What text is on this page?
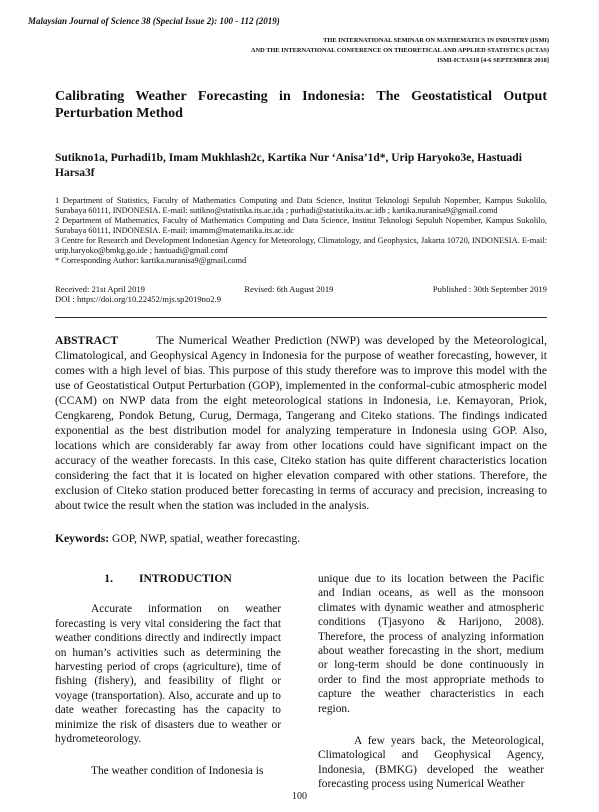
Malaysian Journal of Science 38 (Special Issue 2): 100 - 112 (2019)
THE INTERNATIONAL SEMINAR ON MATHEMATICS IN INDUSTRY (ISMI)
AND THE INTERNATIONAL CONFERENCE ON THEORETICAL AND APPLIED STATISTICS (ICTAS)
ISMI-ICTAS18 [4-6 SEPTEMBER 2018]
Calibrating Weather Forecasting in Indonesia: The Geostatistical Output Perturbation Method
Sutikno1a, Purhadi1b, Imam Mukhlash2c, Kartika Nur ‘Anisa’1d*, Urip Haryoko3e, Hastuadi Harsa3f

1 Department of Statistics, Faculty of Mathematics Computing and Data Science, Institut Teknologi Sepuluh Nopember, Kampus Sukolilo, Surabaya 60111, INDONESIA. E-mail: sutikno@statistika.its.ac.ida ; purhadi@statistika.its.ac.idb ; kartika.nuranisa9@gmail.comd

2 Department of Mathematics, Faculty of Mathematics Computing and Data Science, Institut Teknologi Sepuluh Nopember, Kampus Sukolilo, Surabaya 60111, INDONESIA. E-mail: imamm@matematika.its.ac.idc

3 Centre for Research and Development Indonesian Agency for Meteorology, Climatology, and Geophysics, Jakarta 10720, INDONESIA. E-mail: urip.haryoko@bmkg.go.ide ; hastuadi@gmail.comf

* Corresponding Author: kartika.nuranisa9@gmail.comd

Received: 21st April 2019	Revised: 6th August 2019	Published : 30th September 2019
DOI : https://doi.org/10.22452/mjs.sp2019no2.9
ABSTRACT	The Numerical Weather Prediction (NWP) was developed by the Meteorological, Climatological, and Geophysical Agency in Indonesia for the purpose of weather forecasting, however, it comes with a high level of bias. This purpose of this study therefore was to improve this model with the use of Geostatistical Output Perturbation (GOP), implemented in the conformal-cubic atmospheric model (CCAM) on NWP data from the eight meteorological stations in Indonesia, i.e. Kemayoran, Priok, Cengkareng, Pondok Betung, Curug, Dermaga, Tangerang and Citeko stations. The findings indicated exponential as the best distribution model for analyzing temperature in Indonesia using GOP. Also, locations which are considerably far away from other locations could have significant impact on the accuracy of the weather forecasts. In this case, Citeko station has quite different characteristics location considering the fact that it is located on higher elevation compared with other stations. Therefore, the exclusion of Citeko station produced better forecasting in terms of accuracy and precision, increasing to about twice the result when the station was included in the analysis.
Keywords: GOP, NWP, spatial, weather forecasting.

1. INTRODUCTION

Accurate information on weather forecasting is very vital considering the fact that weather conditions directly and indirectly impact on human’s activities such as determining the harvesting period of crops (agriculture), time of fishing (fishery), and feasibility of flight or voyage (transportation). Also, accurate and up to date weather forecasting has the capacity to minimize the risk of disasters due to weather or hydrometeorology.

The weather condition of Indonesia is

unique due to its location between the Pacific and Indian oceans, as well as the monsoon climates with dynamic weather and atmospheric conditions (Tjasyono & Harijono, 2008). Therefore, the process of analyzing information about weather forecasting in the short, medium or long-term should be done continuously in order to find the most appropriate methods to capture the weather characteristics in each region.

A few years back, the Meteorological, Climatological and Geophysical Agency, Indonesia, (BMKG) developed the weather forecasting process using Numerical Weather

100
